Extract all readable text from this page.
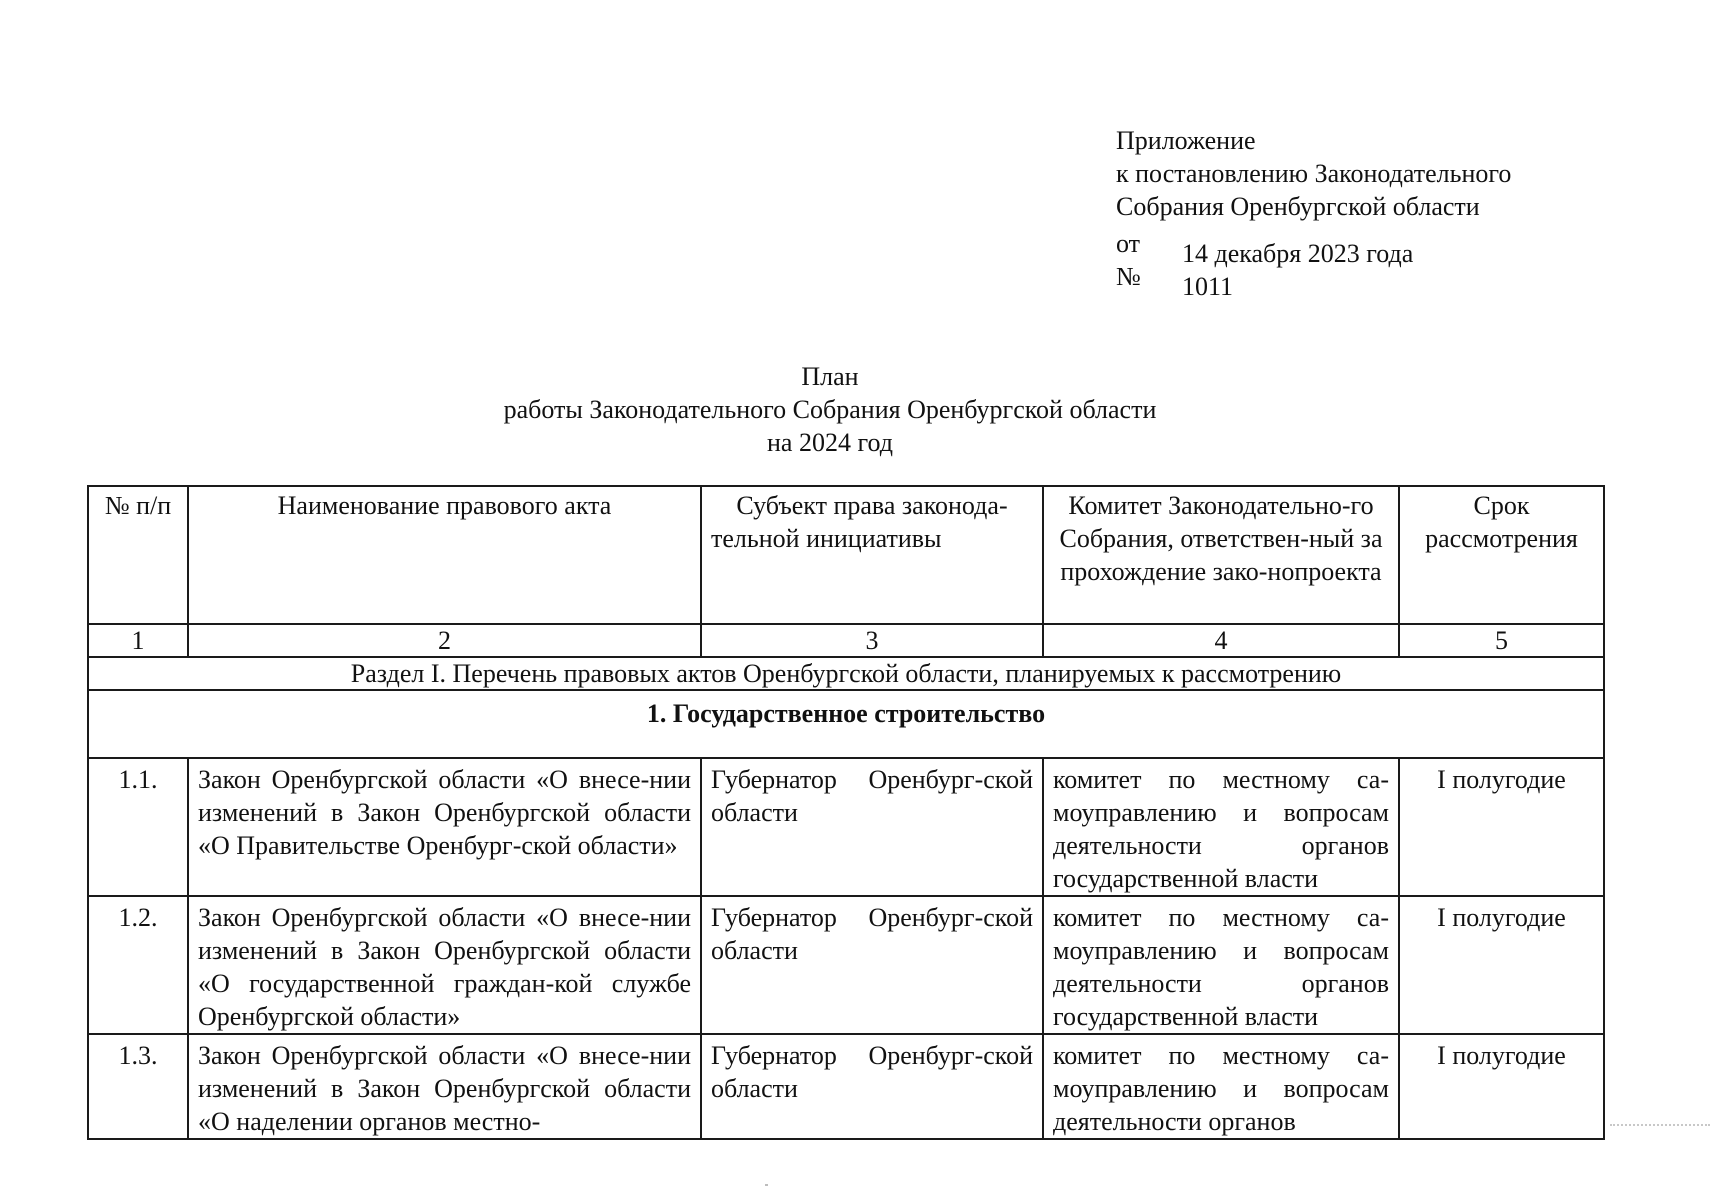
Приложение
к постановлению Законодательного
Собрания Оренбургской области
от	14 декабря 2023 года
№	1011
План
работы Законодательного Собрания Оренбургской области
на 2024 год
№ п/п	Наименование правового акта	Субъект права законода-тельной инициативы	Комитет Законодательно-го Собрания, ответствен-ный за прохождение зако-нопроекта	Срок рассмотрения
1	2	3	4	5
Раздел I. Перечень правовых актов Оренбургской области, планируемых к рассмотрению				
1. Государственное строительство				
1.1.	Закон Оренбургской области «О внесе-нии изменений в Закон Оренбургской области «О Правительстве Оренбург-ской области»	Губернатор Оренбург-ской области	комитет по местному са-моуправлению и вопросам деятельности органов государственной власти	I полугодие
1.2.	Закон Оренбургской области «О внесе-нии изменений в Закон Оренбургской области «О государственной граждан-кой службе Оренбургской области»	Губернатор Оренбург-ской области	комитет по местному са-моуправлению и вопросам деятельности органов государственной власти	I полугодие
1.3.	Закон Оренбургской области «О внесе-нии изменений в Закон Оренбургской области «О наделении органов местно-	Губернатор Оренбург-ской области	комитет по местному са-моуправлению и вопросам деятельности органов	I полугодие
